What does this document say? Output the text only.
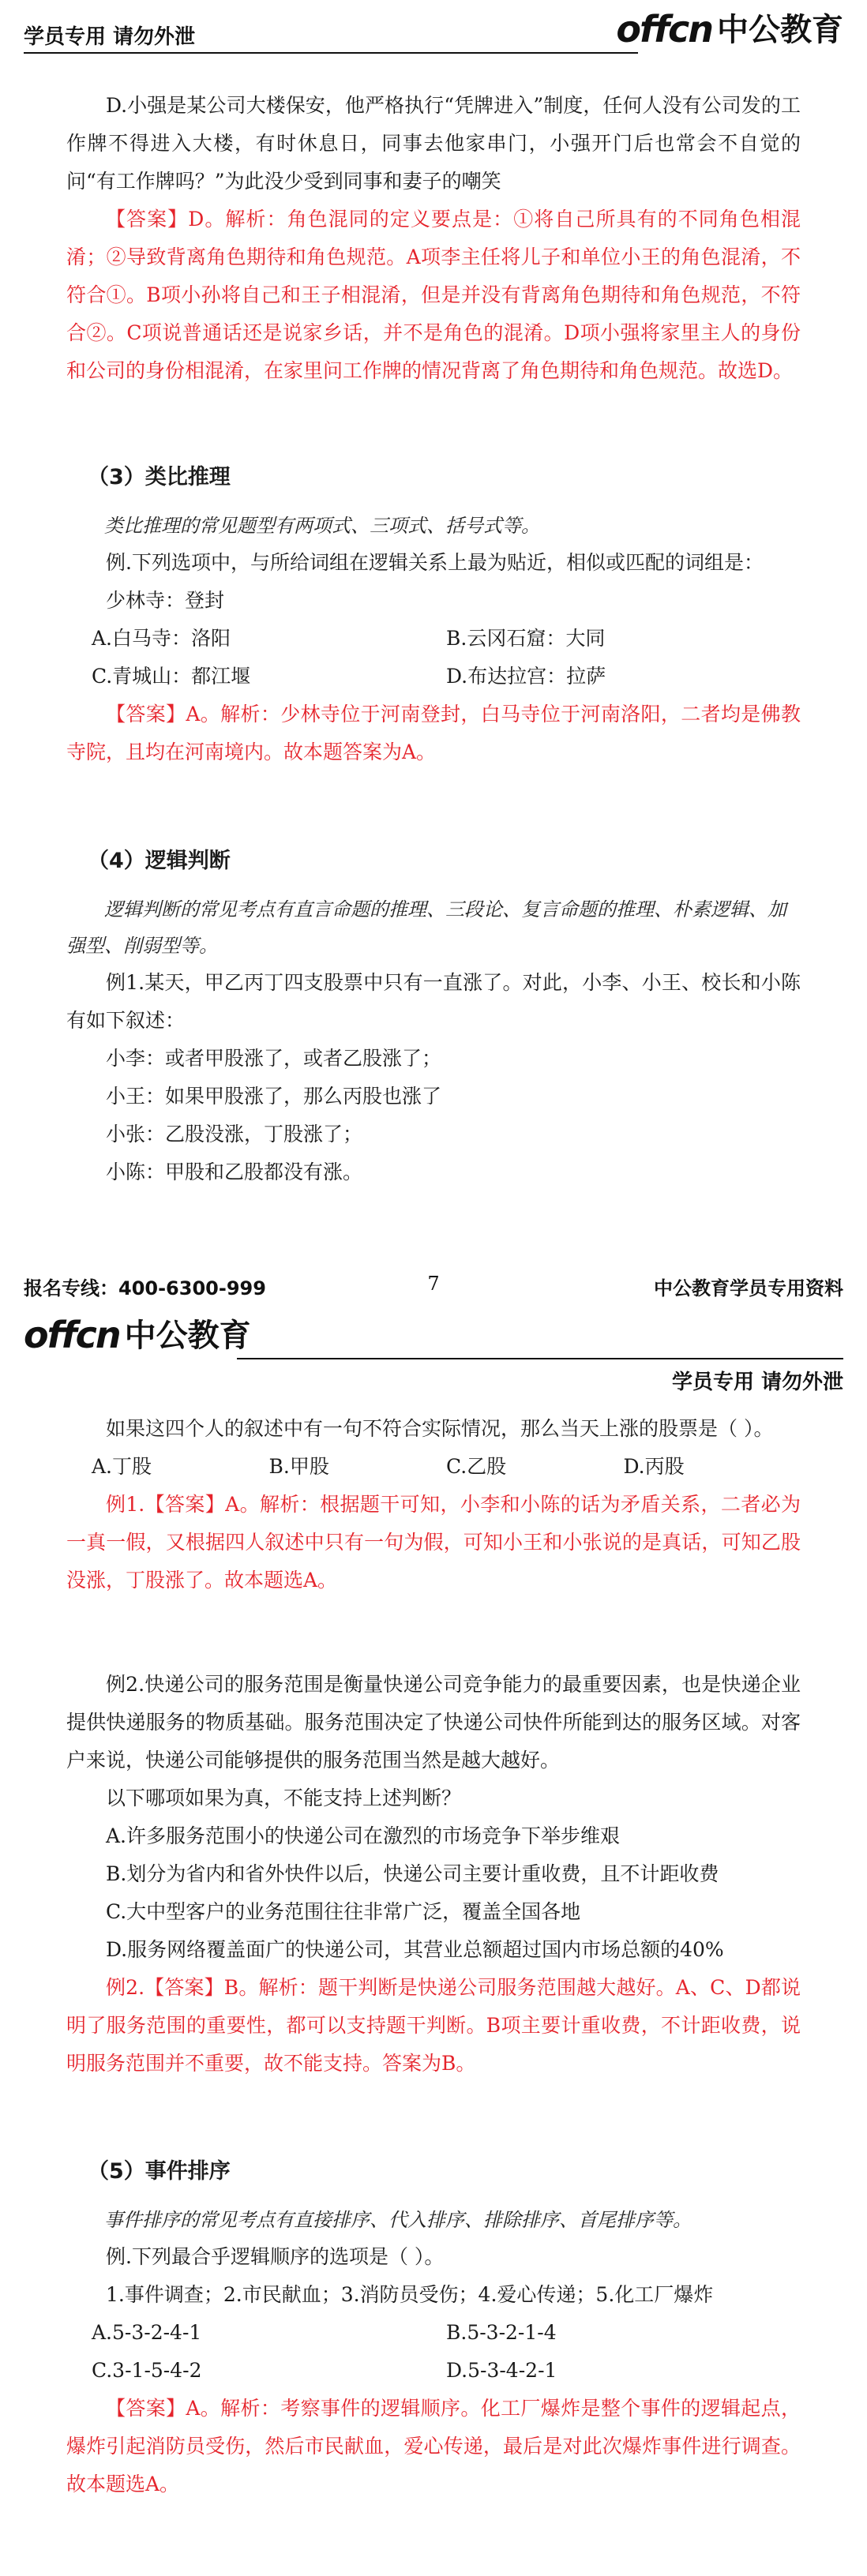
学员专用 请勿外泄	offcn 中公教育

D.小强是某公司大楼保安，他严格执行“凭牌进入”制度，任何人没有公司发的工作牌不得进入大楼，有时休息日，同事去他家串门，小强开门后也常会不自觉的问“有工作牌吗？”为此没少受到同事和妻子的嘲笑

【答案】D。解析：角色混同的定义要点是：①将自己所具有的不同角色相混淆；②导致背离角色期待和角色规范。A项李主任将儿子和单位小王的角色混淆，不符合①。B项小孙将自己和王子相混淆，但是并没有背离角色期待和角色规范，不符合②。C项说普通话还是说家乡话，并不是角色的混淆。D项小强将家里主人的身份和公司的身份相混淆，在家里问工作牌的情况背离了角色期待和角色规范。故选D。

（3）类比推理

类比推理的常见题型有两项式、三项式、括号式等。

例.下列选项中，与所给词组在逻辑关系上最为贴近，相似或匹配的词组是：

少林寺：登封

A.白马寺：洛阳	B.云冈石窟：大同
C.青城山：都江堰	D.布达拉宫：拉萨

【答案】A。解析：少林寺位于河南登封，白马寺位于河南洛阳，二者均是佛教寺院，且均在河南境内。故本题答案为A。

（4）逻辑判断

逻辑判断的常见考点有直言命题的推理、三段论、复言命题的推理、朴素逻辑、加强型、削弱型等。

例1.某天，甲乙丙丁四支股票中只有一直涨了。对此，小李、小王、校长和小陈有如下叙述：

小李：或者甲股涨了，或者乙股涨了；

小王：如果甲股涨了，那么丙股也涨了

小张：乙股没涨，丁股涨了；

小陈：甲股和乙股都没有涨。

报名专线：400-6300-999	7	中公教育学员专用资料
offcn 中公教育
学员专用 请勿外泄

如果这四个人的叙述中有一句不符合实际情况，那么当天上涨的股票是（ ）。

A.丁股	B.甲股	C.乙股	D.丙股

例1.【答案】A。解析：根据题干可知，小李和小陈的话为矛盾关系，二者必为一真一假，又根据四人叙述中只有一句为假，可知小王和小张说的是真话，可知乙股没涨，丁股涨了。故本题选A。

例2.快递公司的服务范围是衡量快递公司竞争能力的最重要因素，也是快递企业提供快递服务的物质基础。服务范围决定了快递公司快件所能到达的服务区域。对客户来说，快递公司能够提供的服务范围当然是越大越好。

以下哪项如果为真，不能支持上述判断？

A.许多服务范围小的快递公司在激烈的市场竞争下举步维艰

B.划分为省内和省外快件以后，快递公司主要计重收费，且不计距收费

C.大中型客户的业务范围往往非常广泛，覆盖全国各地

D.服务网络覆盖面广的快递公司，其营业总额超过国内市场总额的40%

例2.【答案】B。解析：题干判断是快递公司服务范围越大越好。A、C、D都说明了服务范围的重要性，都可以支持题干判断。B项主要计重收费，不计距收费，说明服务范围并不重要，故不能支持。答案为B。

（5）事件排序

事件排序的常见考点有直接排序、代入排序、排除排序、首尾排序等。

例.下列最合乎逻辑顺序的选项是（ ）。

1.事件调查；2.市民献血；3.消防员受伤；4.爱心传递；5.化工厂爆炸

A.5-3-2-4-1	B.5-3-2-1-4
C.3-1-5-4-2	D.5-3-4-2-1

【答案】A。解析：考察事件的逻辑顺序。化工厂爆炸是整个事件的逻辑起点，爆炸引起消防员受伤，然后市民献血，爱心传递，最后是对此次爆炸事件进行调查。故本题选A。
